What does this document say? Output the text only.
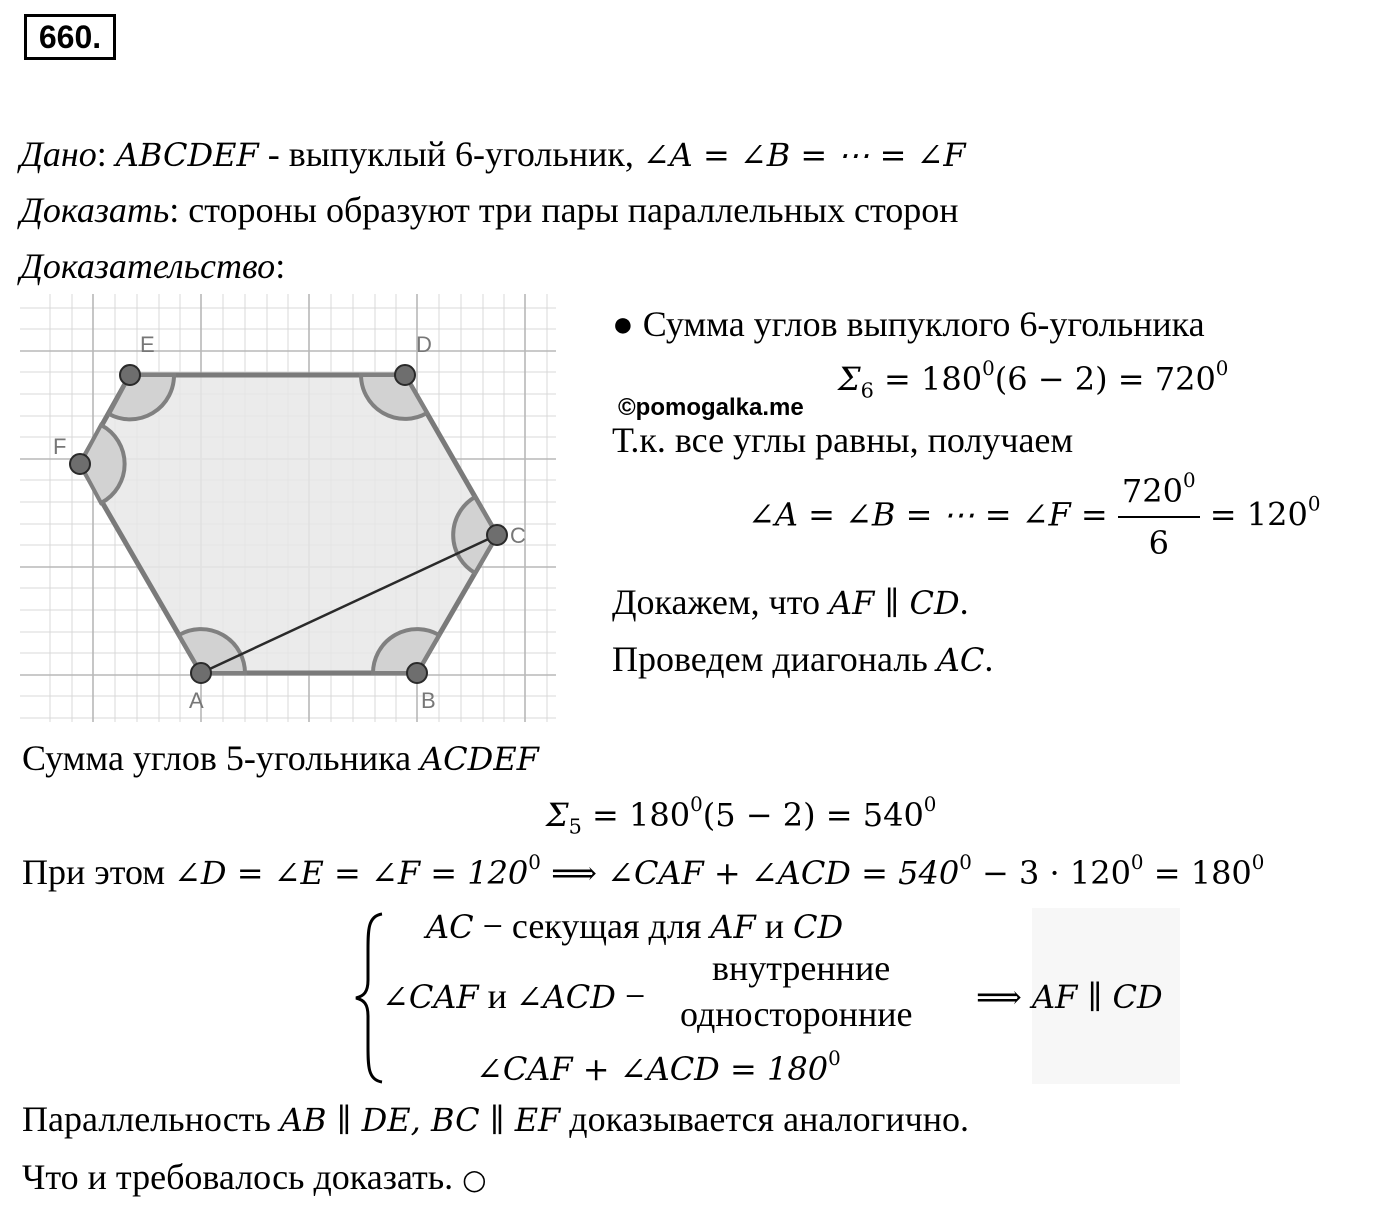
660.
Дано: ABCDEF - выпуклый 6-угольник, ∠A = ∠B = ⋯ = ∠F
Доказать: стороны образуют три пары параллельных сторон
Доказательство:
A	B
C
D
E
F
● Сумма углов выпуклого 6-угольника
$\Sigma_6 = 180^0(6 - 2) = 720^0$
©pomogalka.me
Т.к. все углы равны, получаем
∠A = ∠B = ⋯ = ∠F = $\frac{720^0}{6} = 120^0$
Докажем, что AF ∥ CD.
Проведем диагональ AC.
Сумма углов 5-угольника ACDEF
$\Sigma_5 = 180^0(5 - 2) = 540^0$
При этом ∠D = ∠E = ∠F = $120^0$ ⟹ ∠CAF + ∠ACD = $540^0 - 3 \cdot 120^0 = 180^0$
AC − секущая для AF и CD
∠CAF и ∠ACD −
внутренние
односторонние
∠CAF + ∠ACD = $180^0$
⟹ AF ∥ CD
Параллельность AB ∥ DE, BC ∥ EF доказывается аналогично.
Что и требовалось доказать. ○
